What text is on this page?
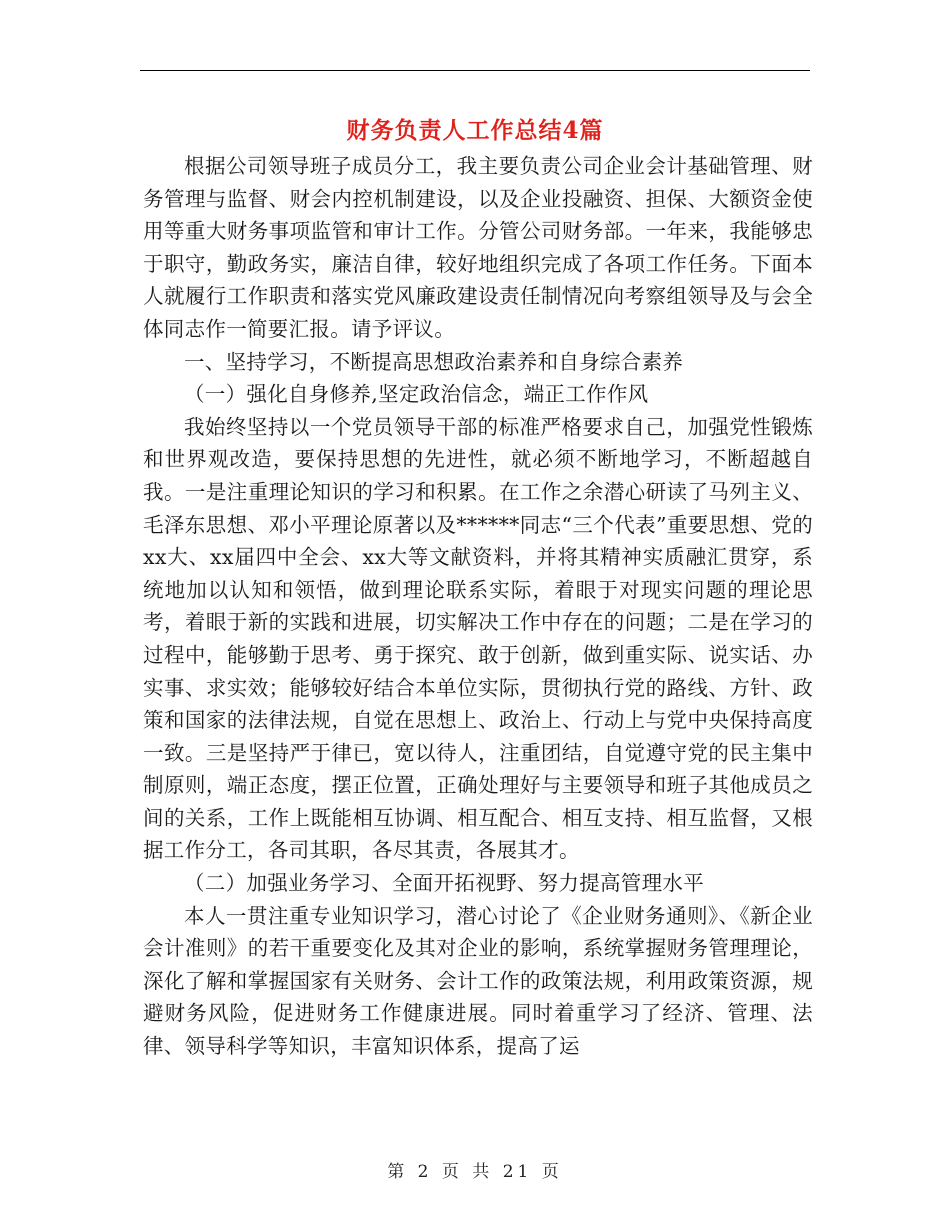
财务负责人工作总结4篇

根据公司领导班子成员分工，我主要负责公司企业会计基础管理、财务管理与监督、财会内控机制建设，以及企业投融资、担保、大额资金使用等重大财务事项监管和审计工作。分管公司财务部。一年来，我能够忠于职守，勤政务实，廉洁自律，较好地组织完成了各项工作任务。下面本人就履行工作职责和落实党风廉政建设责任制情况向考察组领导及与会全体同志作一简要汇报。请予评议。

一、坚持学习，不断提高思想政治素养和自身综合素养

（一）强化自身修养,坚定政治信念，端正工作作风

我始终坚持以一个党员领导干部的标准严格要求自己，加强党性锻炼和世界观改造，要保持思想的先进性，就必须不断地学习，不断超越自我。一是注重理论知识的学习和积累。在工作之余潜心研读了马列主义、毛泽东思想、邓小平理论原著以及******同志“三个代表”重要思想、党的xx大、xx届四中全会、xx大等文献资料，并将其精神实质融汇贯穿，系统地加以认知和领悟，做到理论联系实际，着眼于对现实问题的理论思考，着眼于新的实践和进展，切实解决工作中存在的问题；二是在学习的过程中，能够勤于思考、勇于探究、敢于创新，做到重实际、说实话、办实事、求实效；能够较好结合本单位实际，贯彻执行党的路线、方针、政策和国家的法律法规，自觉在思想上、政治上、行动上与党中央保持高度一致。三是坚持严于律已，宽以待人，注重团结，自觉遵守党的民主集中制原则，端正态度，摆正位置，正确处理好与主要领导和班子其他成员之间的关系，工作上既能相互协调、相互配合、相互支持、相互监督，又根据工作分工，各司其职，各尽其责，各展其才。

（二）加强业务学习、全面开拓视野、努力提高管理水平

本人一贯注重专业知识学习，潜心讨论了《企业财务通则》、《新企业会计准则》的若干重要变化及其对企业的影响，系统掌握财务管理理论，深化了解和掌握国家有关财务、会计工作的政策法规，利用政策资源，规避财务风险，促进财务工作健康进展。同时着重学习了经济、管理、法律、领导科学等知识，丰富知识体系，提高了运

第 2 页 共 21 页
